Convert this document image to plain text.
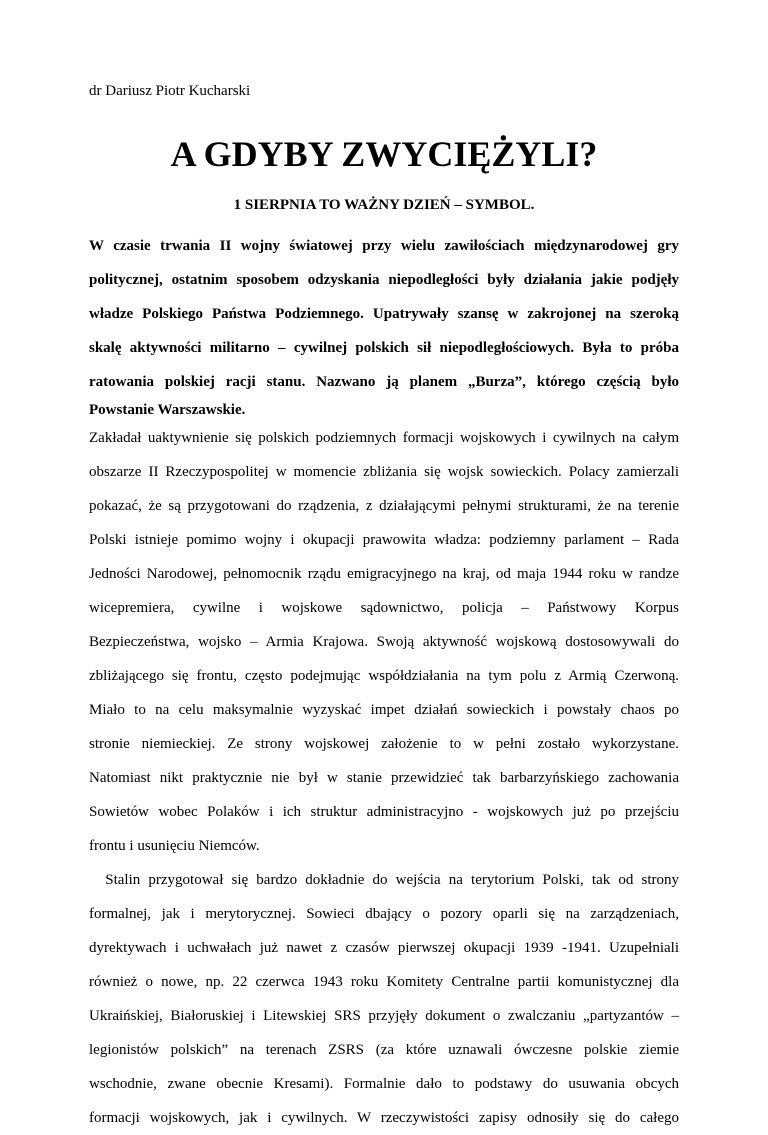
dr Dariusz Piotr Kucharski
A GDYBY ZWYCIĘŻYLI?
1 SIERPNIA TO WAŻNY DZIEŃ – SYMBOL.
W czasie trwania II wojny światowej przy wielu zawiłościach międzynarodowej gry
politycznej, ostatnim sposobem odzyskania niepodległości były działania jakie podjęły
władze Polskiego Państwa Podziemnego. Upatrywały szansę w zakrojonej na szeroką
skalę aktywności militarno – cywilnej polskich sił niepodległościowych. Była to próba
ratowania polskiej racji stanu. Nazwano ją planem „Burza”, którego częścią było
Powstanie Warszawskie.
Zakładał uaktywnienie się polskich podziemnych formacji wojskowych i cywilnych na całym
obszarze II Rzeczypospolitej w momencie zbliżania się wojsk sowieckich. Polacy zamierzali
pokazać, że są przygotowani do rządzenia, z działającymi pełnymi strukturami, że na terenie
Polski istnieje pomimo wojny i okupacji prawowita władza: podziemny parlament – Rada
Jedności Narodowej, pełnomocnik rządu emigracyjnego na kraj, od maja 1944 roku w randze
wicepremiera, cywilne i wojskowe sądownictwo, policja – Państwowy Korpus
Bezpieczeństwa, wojsko – Armia Krajowa. Swoją aktywność wojskową dostosowywali do
zbliżającego się frontu, często podejmując współdziałania na tym polu z Armią Czerwoną.
Miało to na celu maksymalnie wyzyskać impet działań sowieckich i powstały chaos po
stronie niemieckiej. Ze strony wojskowej założenie to w pełni zostało wykorzystane.
Natomiast nikt praktycznie nie był w stanie przewidzieć tak barbarzyńskiego zachowania
Sowietów wobec Polaków i ich struktur administracyjno - wojskowych już po przejściu
frontu i usunięciu Niemców.
Stalin przygotował się bardzo dokładnie do wejścia na terytorium Polski, tak od strony
formalnej, jak i merytorycznej. Sowieci dbający o pozory oparli się na zarządzeniach,
dyrektywach i uchwałach już nawet z czasów pierwszej okupacji 1939 -1941. Uzupełniali
również o nowe, np. 22 czerwca 1943 roku Komitety Centralne partii komunistycznej dla
Ukraińskiej, Białoruskiej i Litewskiej SRS przyjęły dokument o zwalczaniu „partyzantów –
legionistów polskich” na terenach ZSRS (za które uznawali ówczesne polskie ziemie
wschodnie, zwane obecnie Kresami). Formalnie dało to podstawy do usuwania obcych
formacji wojskowych, jak i cywilnych. W rzeczywistości zapisy odnosiły się do całego
